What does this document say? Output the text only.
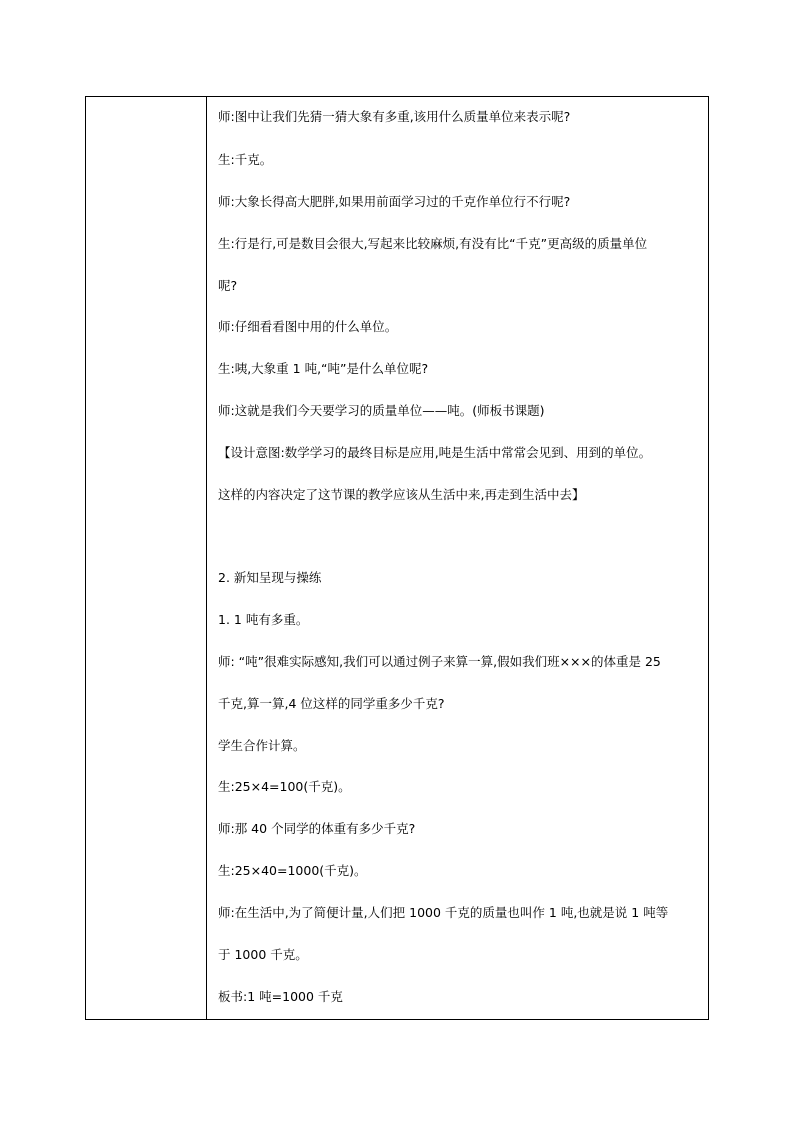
师:图中让我们先猜一猜大象有多重,该用什么质量单位来表示呢?
生:千克。
师:大象长得高大肥胖,如果用前面学习过的千克作单位行不行呢?
生:行是行,可是数目会很大,写起来比较麻烦,有没有比“千克”更高级的质量单位
呢?
师:仔细看看图中用的什么单位。
生:咦,大象重 1 吨,“吨”是什么单位呢?
师:这就是我们今天要学习的质量单位——吨。(师板书课题)
【设计意图:数学学习的最终目标是应用,吨是生活中常常会见到、用到的单位。
这样的内容决定了这节课的教学应该从生活中来,再走到生活中去】
2. 新知呈现与操练
1. 1 吨有多重。
师: “吨”很难实际感知,我们可以通过例子来算一算,假如我们班×××的体重是 25
千克,算一算,4 位这样的同学重多少千克?
学生合作计算。
生:25×4=100(千克)。
师:那 40 个同学的体重有多少千克?
生:25×40=1000(千克)。
师:在生活中,为了简便计量,人们把 1000 千克的质量也叫作 1 吨,也就是说 1 吨等
于 1000 千克。
板书:1 吨=1000 千克
